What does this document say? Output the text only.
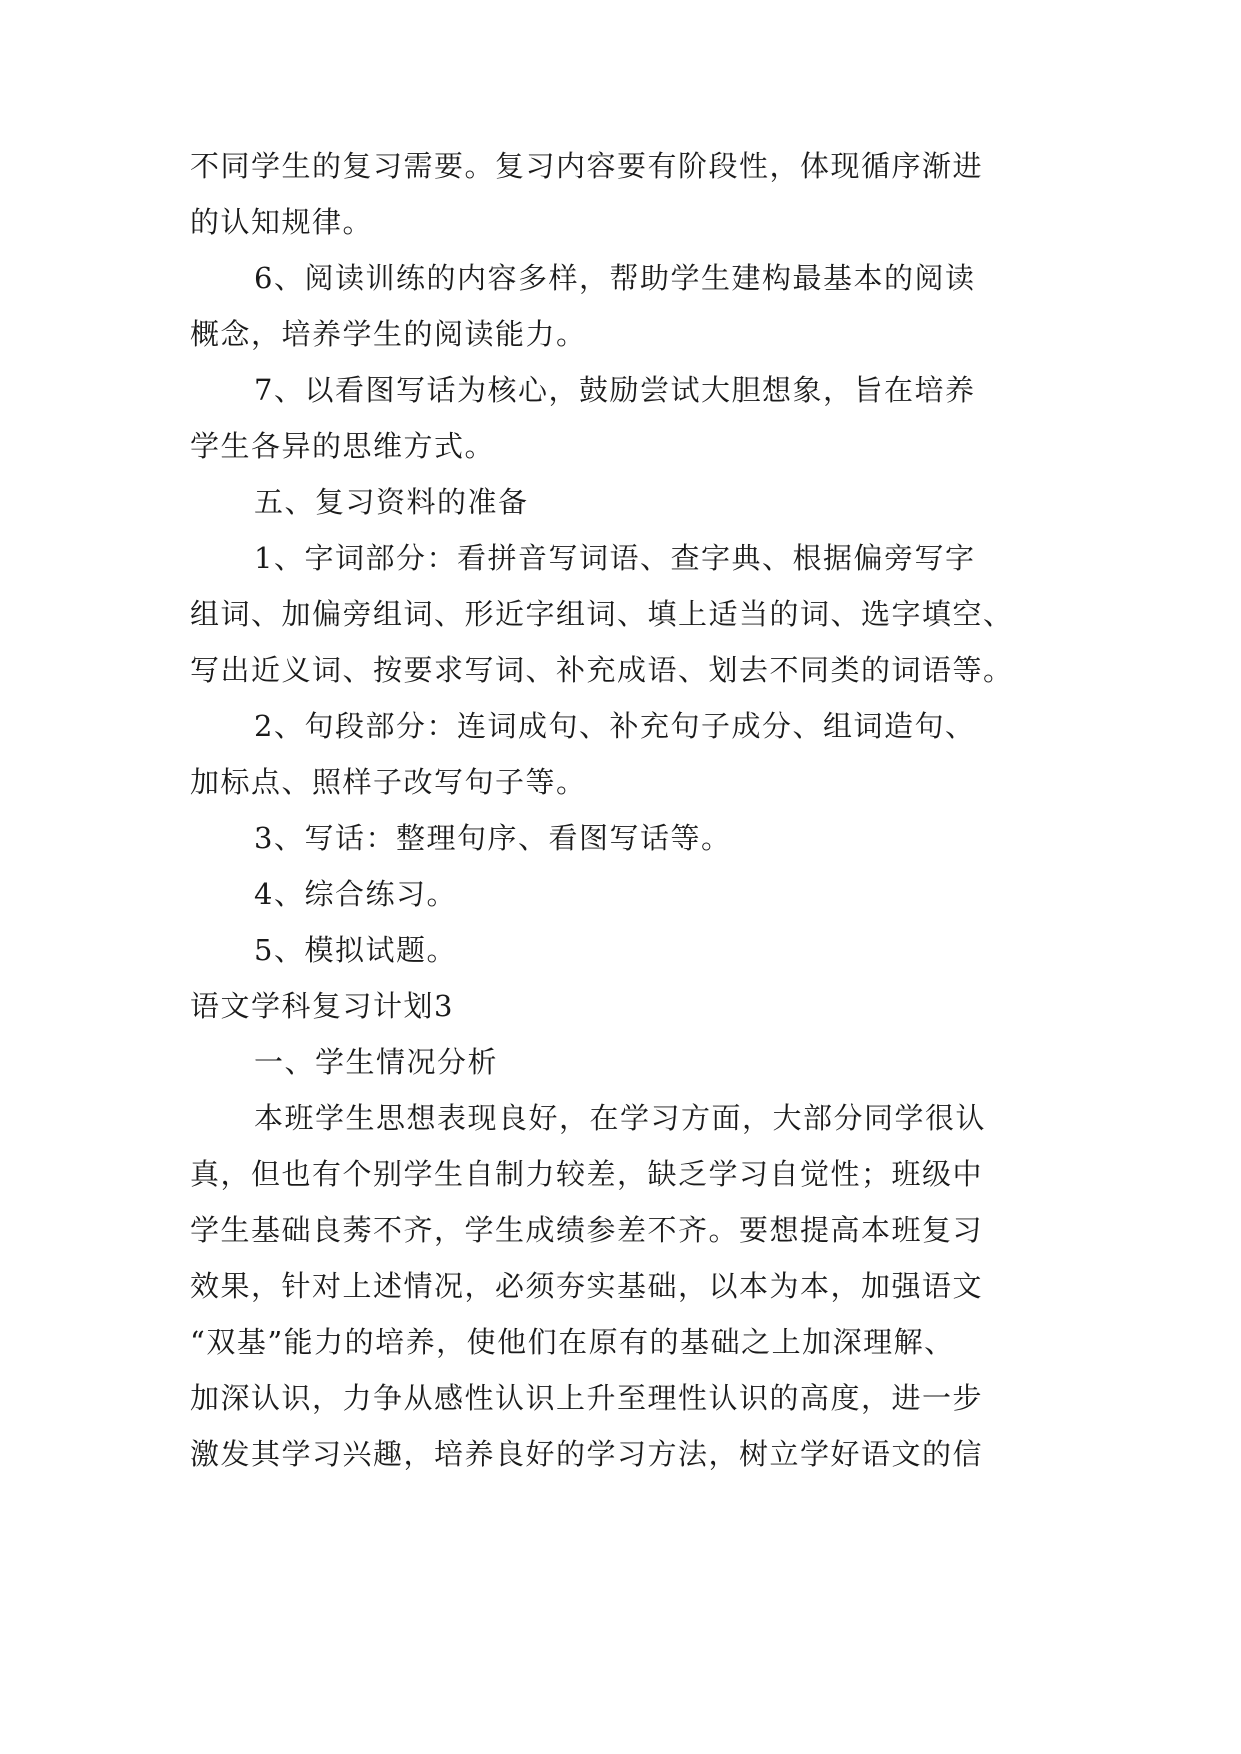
不同学生的复习需要。复习内容要有阶段性，体现循序渐进
的认知规律。
6、阅读训练的内容多样，帮助学生建构最基本的阅读
概念，培养学生的阅读能力。
7、以看图写话为核心，鼓励尝试大胆想象，旨在培养
学生各异的思维方式。
五、复习资料的准备
1、字词部分：看拼音写词语、查字典、根据偏旁写字
组词、加偏旁组词、形近字组词、填上适当的词、选字填空、
写出近义词、按要求写词、补充成语、划去不同类的词语等。
2、句段部分：连词成句、补充句子成分、组词造句、
加标点、照样子改写句子等。
3、写话：整理句序、看图写话等。
4、综合练习。
5、模拟试题。
语文学科复习计划3
一、学生情况分析
本班学生思想表现良好，在学习方面，大部分同学很认
真，但也有个别学生自制力较差，缺乏学习自觉性；班级中
学生基础良莠不齐，学生成绩参差不齐。要想提高本班复习
效果，针对上述情况，必须夯实基础，以本为本，加强语文
“双基”能力的培养，使他们在原有的基础之上加深理解、
加深认识，力争从感性认识上升至理性认识的高度，进一步
激发其学习兴趣，培养良好的学习方法，树立学好语文的信
